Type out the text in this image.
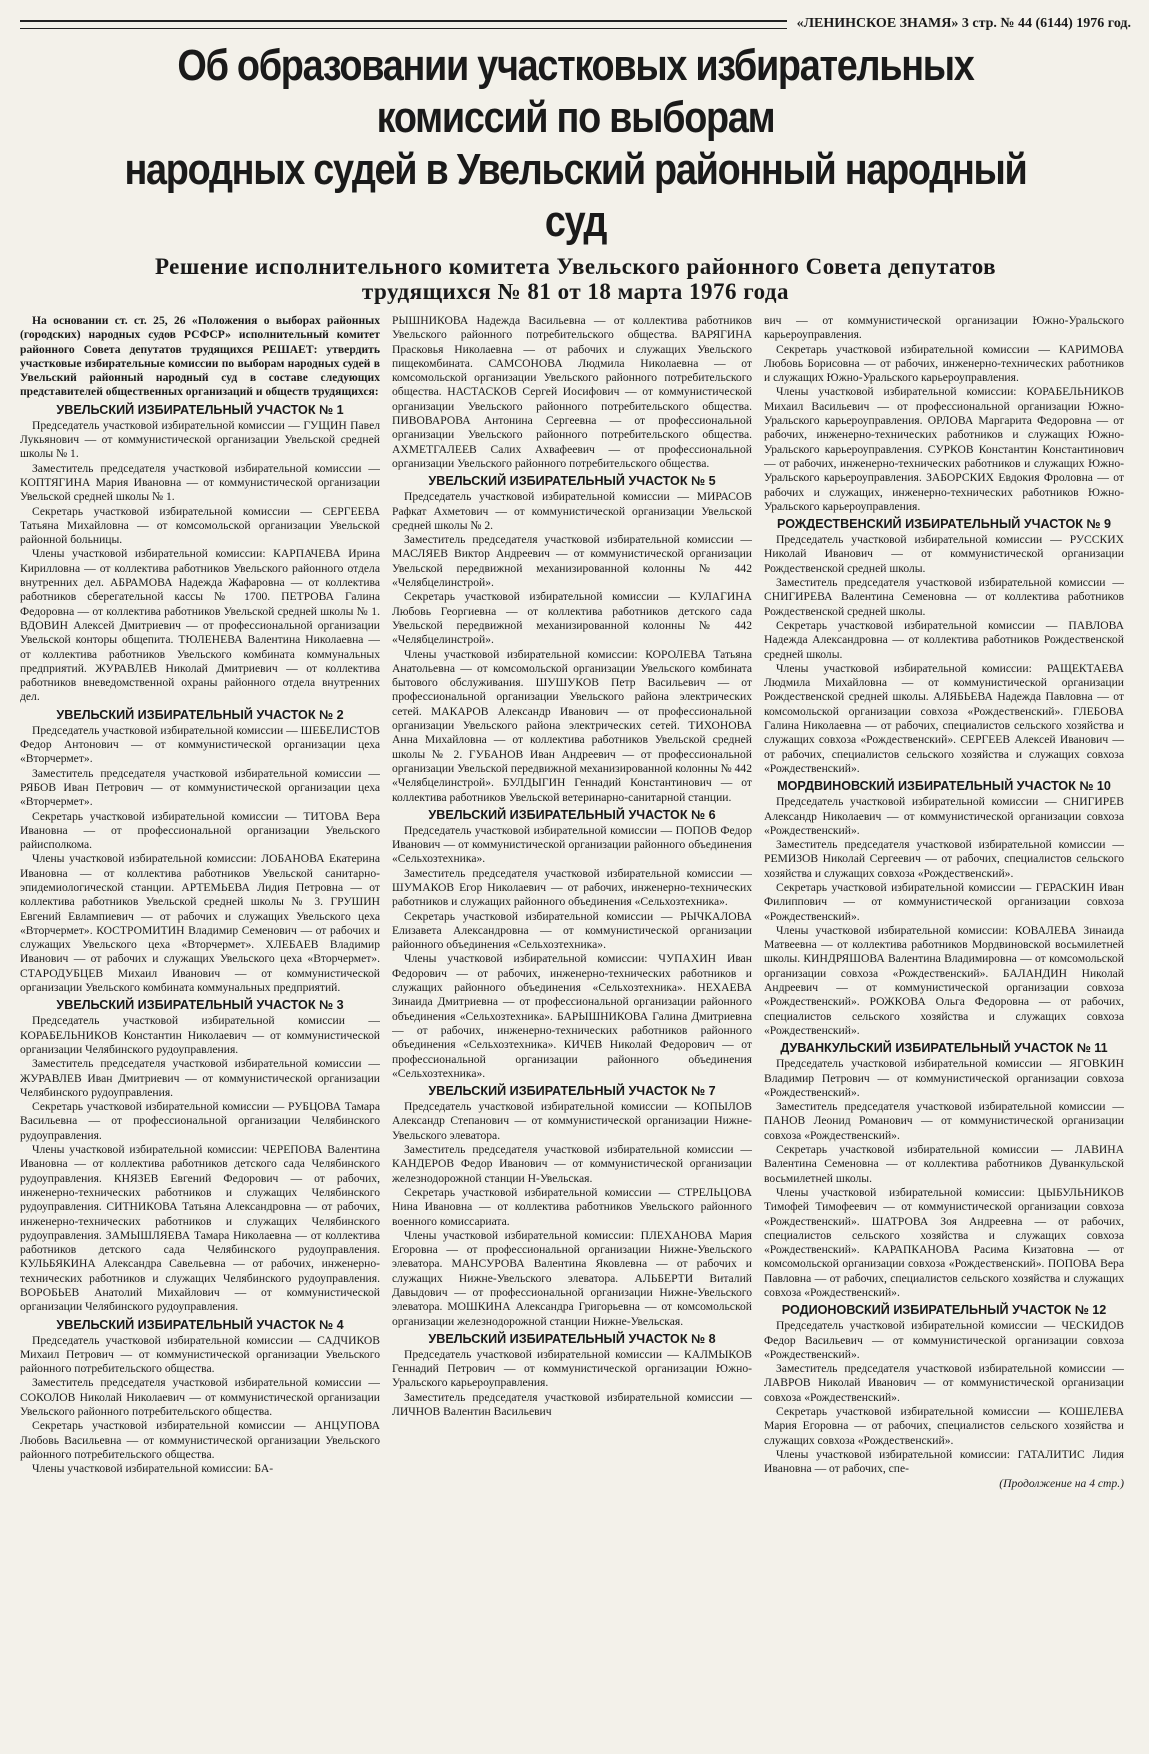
«ЛЕНИНСКОЕ ЗНАМЯ» 3 стр. № 44 (6144) 1976 год.
Об образовании участковых избирательных комиссий по выборам
народных судей в Увельский районный народный суд
Решение исполнительного комитета Увельского районного Совета депутатов
трудящихся № 81 от 18 марта 1976 года

На основании ст. ст. 25, 26 «Положения о выборах районных (городских) народных судов РСФСР» исполнительный комитет районного Совета депутатов трудящихся РЕШАЕТ: утвердить участковые избирательные комиссии по выборам народных судей в Увельский районный народный суд в составе следующих представителей общественных организаций и обществ трудящихся:

УВЕЛЬСКИЙ ИЗБИРАТЕЛЬНЫЙ УЧАСТОК № 1

Председатель участковой избирательной комиссии — ГУЩИН Павел Лукьянович — от коммунистической организации Увельской средней школы № 1.

Заместитель председателя участковой избирательной комиссии — КОПТЯГИНА Мария Ивановна — от коммунистической организации Увельской средней школы № 1.

Секретарь участковой избирательной комиссии — СЕРГЕЕВА Татьяна Михайловна — от комсомольской организации Увельской районной больницы.

Члены участковой избирательной комиссии: КАРПАЧЕВА Ирина Кирилловна — от коллектива работников Увельского районного отдела внутренних дел. АБРАМОВА Надежда Жафаровна — от коллектива работников сберегательной кассы № 1700. ПЕТРОВА Галина Федоровна — от коллектива работников Увельской средней школы № 1. ВДОВИН Алексей Дмитриевич — от профессиональной организации Увельской конторы общепита. ТЮЛЕНЕВА Валентина Николаевна — от коллектива работников Увельского комбината коммунальных предприятий. ЖУРАВЛЕВ Николай Дмитриевич — от коллектива работников вневедомственной охраны районного отдела внутренних дел.

УВЕЛЬСКИЙ ИЗБИРАТЕЛЬНЫЙ УЧАСТОК № 2

Председатель участковой избирательной комиссии — ШЕБЕЛИСТОВ Федор Антонович — от коммунистической организации цеха «Вторчермет».

Заместитель председателя участковой избирательной комиссии — РЯБОВ Иван Петрович — от коммунистической организации цеха «Вторчермет».

Секретарь участковой избирательной комиссии — ТИТОВА Вера Ивановна — от профессиональной организации Увельского райисполкома.

Члены участковой избирательной комиссии: ЛОБАНОВА Екатерина Ивановна — от коллектива работников Увельской санитарно-эпидемиологической станции. АРТЕМЬЕВА Лидия Петровна — от коллектива работников Увельской средней школы № 3. ГРУШИН Евгений Евлампиевич — от рабочих и служащих Увельского цеха «Вторчермет». КОСТРОМИТИН Владимир Семенович — от рабочих и служащих Увельского цеха «Вторчермет». ХЛЕБАЕВ Владимир Иванович — от рабочих и служащих Увельского цеха «Вторчермет». СТАРОДУБЦЕВ Михаил Иванович — от коммунистической организации Увельского комбината коммунальных предприятий.

УВЕЛЬСКИЙ ИЗБИРАТЕЛЬНЫЙ УЧАСТОК № 3

Председатель участковой избирательной комиссии — КОРАБЕЛЬНИКОВ Константин Николаевич — от коммунистической организации Челябинского рудоуправления.

Заместитель председателя участковой избирательной комиссии — ЖУРАВЛЕВ Иван Дмитриевич — от коммунистической организации Челябинского рудоуправления.

Секретарь участковой избирательной комиссии — РУБЦОВА Тамара Васильевна — от профессиональной организации Челябинского рудоуправления.

Члены участковой избирательной комиссии: ЧЕРЕПОВА Валентина Ивановна — от коллектива работников детского сада Челябинского рудоуправления. КНЯЗЕВ Евгений Федорович — от рабочих, инженерно-технических работников и служащих Челябинского рудоуправления. СИТНИКОВА Татьяна Александровна — от рабочих, инженерно-технических работников и служащих Челябинского рудоуправления. ЗАМЫШЛЯЕВА Тамара Николаевна — от коллектива работников детского сада Челябинского рудоуправления. КУЛЬБЯКИНА Александра Савельевна — от рабочих, инженерно-технических работников и служащих Челябинского рудоуправления. ВОРОБЬЕВ Анатолий Михайлович — от коммунистической организации Челябинского рудоуправления.

УВЕЛЬСКИЙ ИЗБИРАТЕЛЬНЫЙ УЧАСТОК № 4

Председатель участковой избирательной комиссии — САДЧИКОВ Михаил Петрович — от коммунистической организации Увельского районного потребительского общества.

Заместитель председателя участковой избирательной комиссии — СОКОЛОВ Николай Николаевич — от коммунистической организации Увельского районного потребительского общества.

Секретарь участковой избирательной комиссии — АНЦУПОВА Любовь Васильевна — от коммунистической организации Увельского районного потребительского общества.

Члены участковой избирательной комиссии: БА-

РЫШНИКОВА Надежда Васильевна — от коллектива работников Увельского районного потребительского общества. ВАРЯГИНА Прасковья Николаевна — от рабочих и служащих Увельского пищекомбината. САМСОНОВА Людмила Николаевна — от комсомольской организации Увельского районного потребительского общества. НАСТАСКОВ Сергей Иосифович — от коммунистической организации Увельского районного потребительского общества. ПИВОВАРОВА Антонина Сергеевна — от профессиональной организации Увельского районного потребительского общества. АХМЕТГАЛЕЕВ Салих Ахвафеевич — от профессиональной организации Увельского районного потребительского общества.

УВЕЛЬСКИЙ ИЗБИРАТЕЛЬНЫЙ УЧАСТОК № 5

Председатель участковой избирательной комиссии — МИРАСОВ Рафкат Ахметович — от коммунистической организации Увельской средней школы № 2.

Заместитель председателя участковой избирательной комиссии — МАСЛЯЕВ Виктор Андреевич — от коммунистической организации Увельской передвижной механизированной колонны № 442 «Челябцелинстрой».

Секретарь участковой избирательной комиссии — КУЛАГИНА Любовь Георгиевна — от коллектива работников детского сада Увельской передвижной механизированной колонны № 442 «Челябцелинстрой».

Члены участковой избирательной комиссии: КОРОЛЕВА Татьяна Анатольевна — от комсомольской организации Увельского комбината бытового обслуживания. ШУШУКОВ Петр Васильевич — от профессиональной организации Увельского района электрических сетей. МАКАРОВ Александр Иванович — от профессиональной организации Увельского района электрических сетей. ТИХОНОВА Анна Михайловна — от коллектива работников Увельской средней школы № 2. ГУБАНОВ Иван Андреевич — от профессиональной организации Увельской передвижной механизированной колонны № 442 «Челябцелинстрой». БУЛДЫГИН Геннадий Константинович — от коллектива работников Увельской ветеринарно-санитарной станции.

УВЕЛЬСКИЙ ИЗБИРАТЕЛЬНЫЙ УЧАСТОК № 6

Председатель участковой избирательной комиссии — ПОПОВ Федор Иванович — от коммунистической организации районного объединения «Сельхозтехника».

Заместитель председателя участковой избирательной комиссии — ШУМАКОВ Егор Николаевич — от рабочих, инженерно-технических работников и служащих районного объединения «Сельхозтехника».

Секретарь участковой избирательной комиссии — РЫЧКАЛОВА Елизавета Александровна — от коммунистической организации районного объединения «Сельхозтехника».

Члены участковой избирательной комиссии: ЧУПАХИН Иван Федорович — от рабочих, инженерно-технических работников и служащих районного объединения «Сельхозтехника». НЕХАЕВА Зинаида Дмитриевна — от профессиональной организации районного объединения «Сельхозтехника». БАРЫШНИКОВА Галина Дмитриевна — от рабочих, инженерно-технических работников районного объединения «Сельхозтехника». КИЧЕВ Николай Федорович — от профессиональной организации районного объединения «Сельхозтехника».

УВЕЛЬСКИЙ ИЗБИРАТЕЛЬНЫЙ УЧАСТОК № 7

Председатель участковой избирательной комиссии — КОПЫЛОВ Александр Степанович — от коммунистической организации Нижне-Увельского элеватора.

Заместитель председателя участковой избирательной комиссии — КАНДЕРОВ Федор Иванович — от коммунистической организации железнодорожной станции Н-Увельская.

Секретарь участковой избирательной комиссии — СТРЕЛЬЦОВА Нина Ивановна — от коллектива работников Увельского районного военного комиссариата.

Члены участковой избирательной комиссии: ПЛЕХАНОВА Мария Егоровна — от профессиональной организации Нижне-Увельского элеватора. МАНСУРОВА Валентина Яковлевна — от рабочих и служащих Нижне-Увельского элеватора. АЛЬБЕРТИ Виталий Давыдович — от профессиональной организации Нижне-Увельского элеватора. МОШКИНА Александра Григорьевна — от комсомольской организации железнодорожной станции Нижне-Увельская.

УВЕЛЬСКИЙ ИЗБИРАТЕЛЬНЫЙ УЧАСТОК № 8

Председатель участковой избирательной комиссии — КАЛМЫКОВ Геннадий Петрович — от коммунистической организации Южно-Уральского карьероуправления.

Заместитель председателя участковой избирательной комиссии — ЛИЧНОВ Валентин Васильевич

вич — от коммунистической организации Южно-Уральского карьероуправления.

Секретарь участковой избирательной комиссии — КАРИМОВА Любовь Борисовна — от рабочих, инженерно-технических работников и служащих Южно-Уральского карьероуправления.

Члены участковой избирательной комиссии: КОРАБЕЛЬНИКОВ Михаил Васильевич — от профессиональной организации Южно-Уральского карьероуправления. ОРЛОВА Маргарита Федоровна — от рабочих, инженерно-технических работников и служащих Южно-Уральского карьероуправления. СУРКОВ Константин Константинович — от рабочих, инженерно-технических работников и служащих Южно-Уральского карьероуправления. ЗАБОРСКИХ Евдокия Фроловна — от рабочих и служащих, инженерно-технических работников Южно-Уральского карьероуправления.

РОЖДЕСТВЕНСКИЙ ИЗБИРАТЕЛЬНЫЙ УЧАСТОК № 9

Председатель участковой избирательной комиссии — РУССКИХ Николай Иванович — от коммунистической организации Рождественской средней школы.

Заместитель председателя участковой избирательной комиссии — СНИГИРЕВА Валентина Семеновна — от коллектива работников Рождественской средней школы.

Секретарь участковой избирательной комиссии — ПАВЛОВА Надежда Александровна — от коллектива работников Рождественской средней школы.

Члены участковой избирательной комиссии: РАЩЕКТАЕВА Людмила Михайловна — от коммунистической организации Рождественской средней школы. АЛЯБЬЕВА Надежда Павловна — от комсомольской организации совхоза «Рождественский». ГЛЕБОВА Галина Николаевна — от рабочих, специалистов сельского хозяйства и служащих совхоза «Рождественский». СЕРГЕЕВ Алексей Иванович — от рабочих, специалистов сельского хозяйства и служащих совхоза «Рождественский».

МОРДВИНОВСКИЙ ИЗБИРАТЕЛЬНЫЙ УЧАСТОК № 10

Председатель участковой избирательной комиссии — СНИГИРЕВ Александр Николаевич — от коммунистической организации совхоза «Рождественский».

Заместитель председателя участковой избирательной комиссии — РЕМИЗОВ Николай Сергеевич — от рабочих, специалистов сельского хозяйства и служащих совхоза «Рождественский».

Секретарь участковой избирательной комиссии — ГЕРАСКИН Иван Филиппович — от коммунистической организации совхоза «Рождественский».

Члены участковой избирательной комиссии: КОВАЛЕВА Зинаида Матвеевна — от коллектива работников Мордвиновской восьмилетней школы. КИНДРЯШОВА Валентина Владимировна — от комсомольской организации совхоза «Рождественский». БАЛАНДИН Николай Андреевич — от коммунистической организации совхоза «Рождественский». РОЖКОВА Ольга Федоровна — от рабочих, специалистов сельского хозяйства и служащих совхоза «Рождественский».

ДУВАНКУЛЬСКИЙ ИЗБИРАТЕЛЬНЫЙ УЧАСТОК № 11

Председатель участковой избирательной комиссии — ЯГОВКИН Владимир Петрович — от коммунистической организации совхоза «Рождественский».

Заместитель председателя участковой избирательной комиссии — ПАНОВ Леонид Романович — от коммунистической организации совхоза «Рождественский».

Секретарь участковой избирательной комиссии — ЛАВИНА Валентина Семеновна — от коллектива работников Дуванкульской восьмилетней школы.

Члены участковой избирательной комиссии: ЦЫБУЛЬНИКОВ Тимофей Тимофеевич — от коммунистической организации совхоза «Рождественский». ШАТРОВА Зоя Андреевна — от рабочих, специалистов сельского хозяйства и служащих совхоза «Рождественский». КАРАПКАНОВА Расима Кизатовна — от комсомольской организации совхоза «Рождественский». ПОПОВА Вера Павловна — от рабочих, специалистов сельского хозяйства и служащих совхоза «Рождественский».

РОДИОНОВСКИЙ ИЗБИРАТЕЛЬНЫЙ УЧАСТОК № 12

Председатель участковой избирательной комиссии — ЧЕСКИДОВ Федор Васильевич — от коммунистической организации совхоза «Рождественский».

Заместитель председателя участковой избирательной комиссии — ЛАВРОВ Николай Иванович — от коммунистической организации совхоза «Рождественский».

Секретарь участковой избирательной комиссии — КОШЕЛЕВА Мария Егоровна — от рабочих, специалистов сельского хозяйства и служащих совхоза «Рождественский».

Члены участковой избирательной комиссии: ГАТАЛИТИС Лидия Ивановна — от рабочих, спе-

(Продолжение на 4 стр.)
